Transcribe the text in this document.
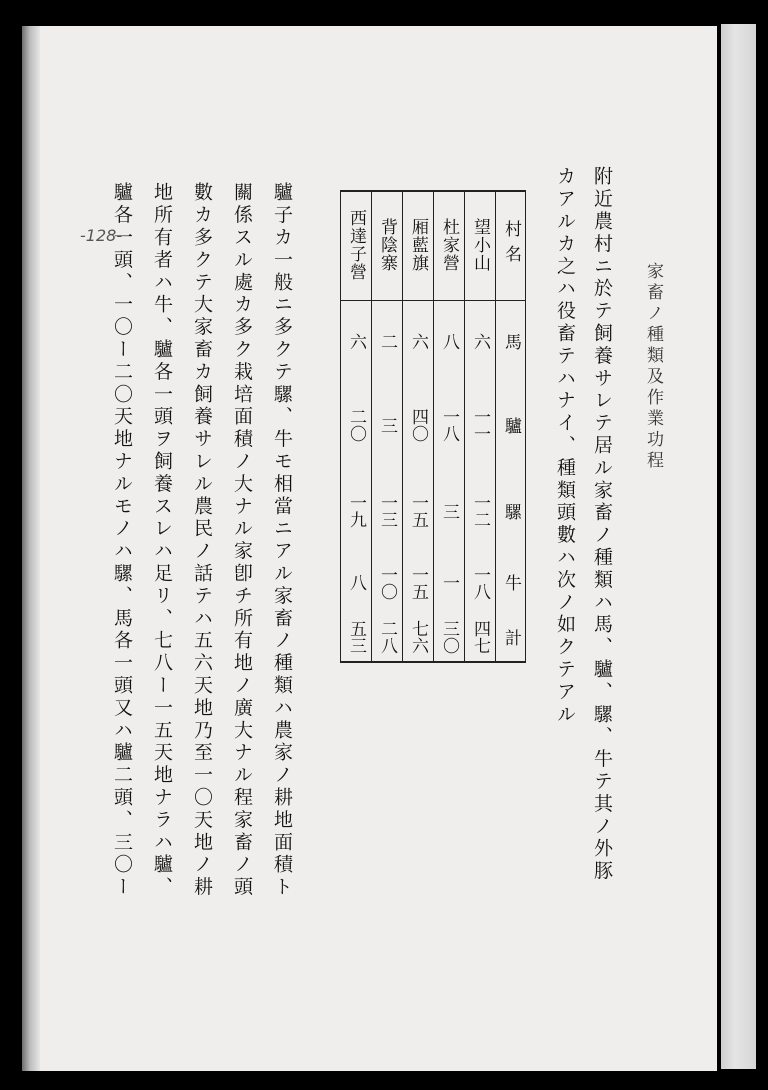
-128-
家畜ノ種類及作業功程
附近農村ニ於テ飼養サレテ居ル家畜ノ種類ハ馬、驢、騾、牛テ其ノ外豚
カアルカ之ハ役畜テハナイ、種類頭數ハ次ノ如クテアル
村名
馬
驢
騾
牛
計
望小山
六
一一
一二
一八
四七
杜家營
八
一八
三
一
三〇
厢藍旗
六
四〇
一五
一五
七六
背陰寨
二
三
一三
一〇
二八
西達子營
六
二〇
一九
八
五三
驢子カ一般ニ多クテ騾、牛モ相當ニアル家畜ノ種類ハ農家ノ耕地面積ト
關係スル處カ多ク栽培面積ノ大ナル家卽チ所有地ノ廣大ナル程家畜ノ頭
數カ多クテ大家畜カ飼養サレル農民ノ話テハ五六天地乃至一〇天地ノ耕
地所有者ハ牛、驢各一頭ヲ飼養スレハ足リ、七八ー一五天地ナラハ驢、
驢各一頭、一〇ー二〇天地ナルモノハ騾、馬各一頭又ハ驢二頭、三〇ー
